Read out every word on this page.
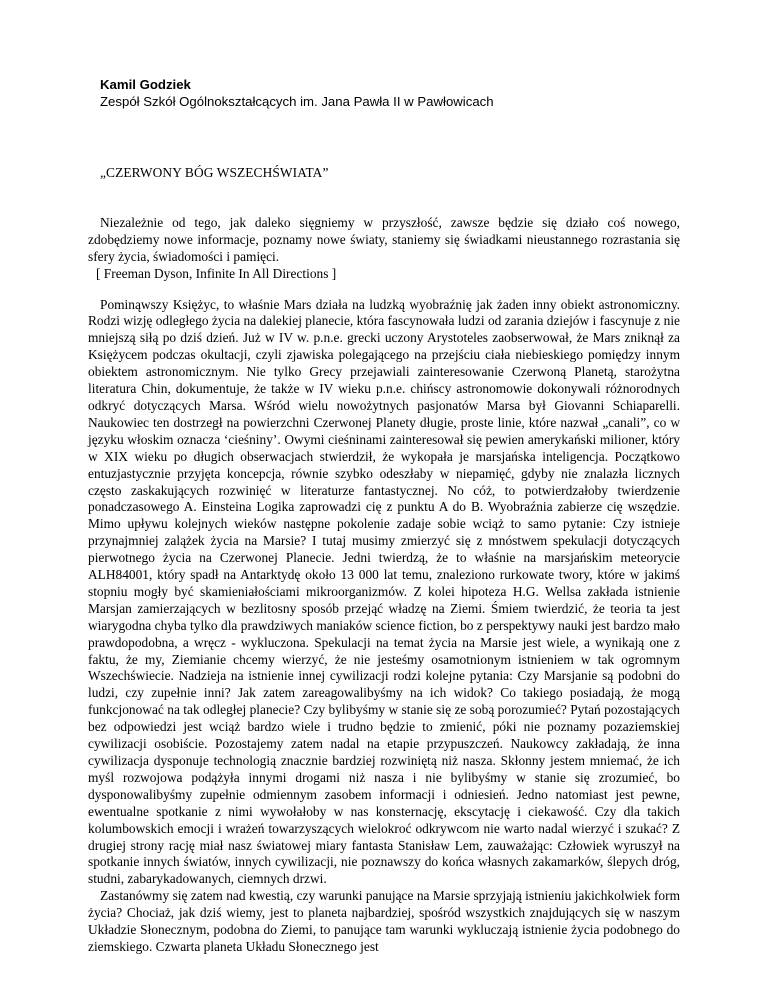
Kamil Godziek
Zespół Szkół Ogólnokształcących im. Jana Pawła II w Pawłowicach
„CZERWONY BÓG WSZECHŚWIATA”

Niezależnie od tego, jak daleko sięgniemy w przyszłość, zawsze będzie się działo coś nowego, zdobędziemy nowe informacje, poznamy nowe światy, staniemy się świadkami nieustannego rozrastania się sfery życia, świadomości i pamięci.

[ Freeman Dyson, Infinite In All Directions ]

Pominąwszy Księżyc, to właśnie Mars działa na ludzką wyobraźnię jak żaden inny obiekt astronomiczny. Rodzi wizję odległego życia na dalekiej planecie, która fascynowała ludzi od zarania dziejów i fascynuje z nie mniejszą siłą po dziś dzień. Już w IV w. p.n.e. grecki uczony Arystoteles zaobserwował, że Mars zniknął za Księżycem podczas okultacji, czyli zjawiska polegającego na przejściu ciała niebieskiego pomiędzy innym obiektem astronomicznym. Nie tylko Grecy przejawiali zainteresowanie Czerwoną Planetą, starożytna literatura Chin, dokumentuje, że także w IV wieku p.n.e. chińscy astronomowie dokonywali różnorodnych odkryć dotyczących Marsa. Wśród wielu nowożytnych pasjonatów Marsa był Giovanni Schiaparelli. Naukowiec ten dostrzegł na powierzchni Czerwonej Planety długie, proste linie, które nazwał „canali”, co w języku włoskim oznacza ‘cieśniny’. Owymi cieśninami zainteresował się pewien amerykański milioner, który w XIX wieku po długich obserwacjach stwierdził, że wykopała je marsjańska inteligencja. Początkowo entuzjastycznie przyjęta koncepcja, równie szybko odeszłaby w niepamięć, gdyby nie znalazła licznych często zaskakujących rozwinięć w literaturze fantastycznej. No cóż, to potwierdzałoby twierdzenie ponadczasowego A. Einsteina Logika zaprowadzi cię z punktu A do B. Wyobraźnia zabierze cię wszędzie. Mimo upływu kolejnych wieków następne pokolenie zadaje sobie wciąż to samo pytanie: Czy istnieje przynajmniej zalążek życia na Marsie? I tutaj musimy zmierzyć się z mnóstwem spekulacji dotyczących pierwotnego życia na Czerwonej Planecie. Jedni twierdzą, że to właśnie na marsjańskim meteorycie ALH84001, który spadł na Antarktydę około 13 000 lat temu, znaleziono rurkowate twory, które w jakimś stopniu mogły być skamieniałościami mikroorganizmów. Z kolei hipoteza H.G. Wellsa zakłada istnienie Marsjan zamierzających w bezlitosny sposób przejąć władzę na Ziemi. Śmiem twierdzić, że teoria ta jest wiarygodna chyba tylko dla prawdziwych maniaków science fiction, bo z perspektywy nauki jest bardzo mało prawdopodobna, a wręcz - wykluczona. Spekulacji na temat życia na Marsie jest wiele, a wynikają one z faktu, że my, Ziemianie chcemy wierzyć, że nie jesteśmy osamotnionym istnieniem w tak ogromnym Wszechświecie. Nadzieja na istnienie innej cywilizacji rodzi kolejne pytania: Czy Marsjanie są podobni do ludzi, czy zupełnie inni? Jak zatem zareagowalibyśmy na ich widok? Co takiego posiadają, że mogą funkcjonować na tak odległej planecie? Czy bylibyśmy w stanie się ze sobą porozumieć? Pytań pozostających bez odpowiedzi jest wciąż bardzo wiele i trudno będzie to zmienić, póki nie poznamy pozaziemskiej cywilizacji osobiście. Pozostajemy zatem nadal na etapie przypuszczeń. Naukowcy zakładają, że inna cywilizacja dysponuje technologią znacznie bardziej rozwiniętą niż nasza. Skłonny jestem mniemać, że ich myśl rozwojowa podążyła innymi drogami niż nasza i nie bylibyśmy w stanie się zrozumieć, bo dysponowalibyśmy zupełnie odmiennym zasobem informacji i odniesień. Jedno natomiast jest pewne, ewentualne spotkanie z nimi wywołałoby w nas konsternację, ekscytację i ciekawość. Czy dla takich kolumbowskich emocji i wrażeń towarzyszących wielokroć odkrywcom nie warto nadal wierzyć i szukać? Z drugiej strony rację miał nasz światowej miary fantasta Stanisław Lem, zauważając: Człowiek wyruszył na spotkanie innych światów, innych cywilizacji, nie poznawszy do końca własnych zakamarków, ślepych dróg, studni, zabarykadowanych, ciemnych drzwi.

Zastanówmy się zatem nad kwestią, czy warunki panujące na Marsie sprzyjają istnieniu jakichkolwiek form życia? Chociaż, jak dziś wiemy, jest to planeta najbardziej, spośród wszystkich znajdujących się w naszym Układzie Słonecznym, podobna do Ziemi, to panujące tam warunki wykluczają istnienie życia podobnego do ziemskiego. Czwarta planeta Układu Słonecznego jest
